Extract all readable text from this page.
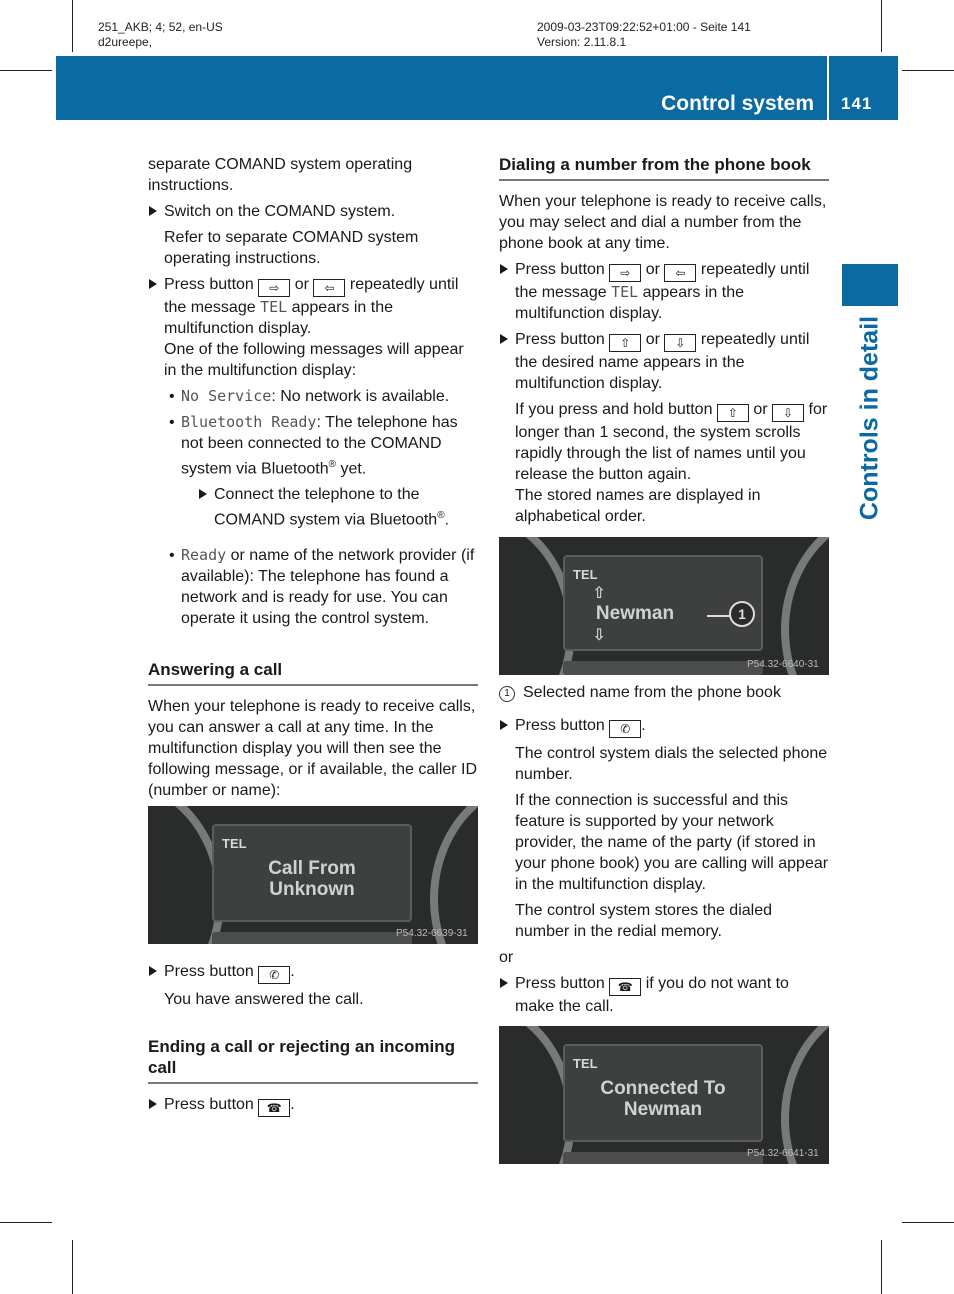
251_AKB; 4; 52, en-US
d2ureepe,
2009-03-23T09:22:52+01:00 - Seite 141
Version: 2.11.8.1
Control system 141
Controls in detail

separate COMAND system operating instructions.

Switch on the COMAND system.
Refer to separate COMAND system operating instructions.
Press button ⇨ or ⇦ repeatedly until the message TEL appears in the multifunction display.
One of the following messages will appear in the multifunction display:
• No Service: No network is available.
• Bluetooth Ready: The telephone has not been connected to the COMAND system via Bluetooth® yet.
Connect the telephone to the COMAND system via Bluetooth®.
• Ready or name of the network provider (if available): The telephone has found a network and is ready for use. You can operate it using the control system.
Answering a call

When your telephone is ready to receive calls, you can answer a call at any time. In the multifunction display you will then see the following message, or if available, the caller ID (number or name):

TEL
Call From
Unknown
P54.32-6639-31
Press button ✆ .
You have answered the call.
Ending a call or rejecting an incoming call
Press button ☎ .
Dialing a number from the phone book

When your telephone is ready to receive calls, you may select and dial a number from the phone book at any time.

Press button ⇨ or ⇦ repeatedly until the message TEL appears in the multifunction display.
Press button ⇧ or ⇩ repeatedly until the desired name appears in the multifunction display.
If you press and hold button ⇧ or ⇩ for longer than 1 second, the system scrolls rapidly through the list of names until you release the button again.
The stored names are displayed in alphabetical order.
TEL
⇧
Newman
⇩
1
P54.32-6640-31

1 Selected name from the phone book

Press button ✆ .
The control system dials the selected phone number.
If the connection is successful and this feature is supported by your network provider, the name of the party (if stored in your phone book) you are calling will appear in the multifunction display.
The control system stores the dialed number in the redial memory.

or

Press button ☎ if you do not want to make the call.
TEL
Connected To
Newman
P54.32-6641-31
